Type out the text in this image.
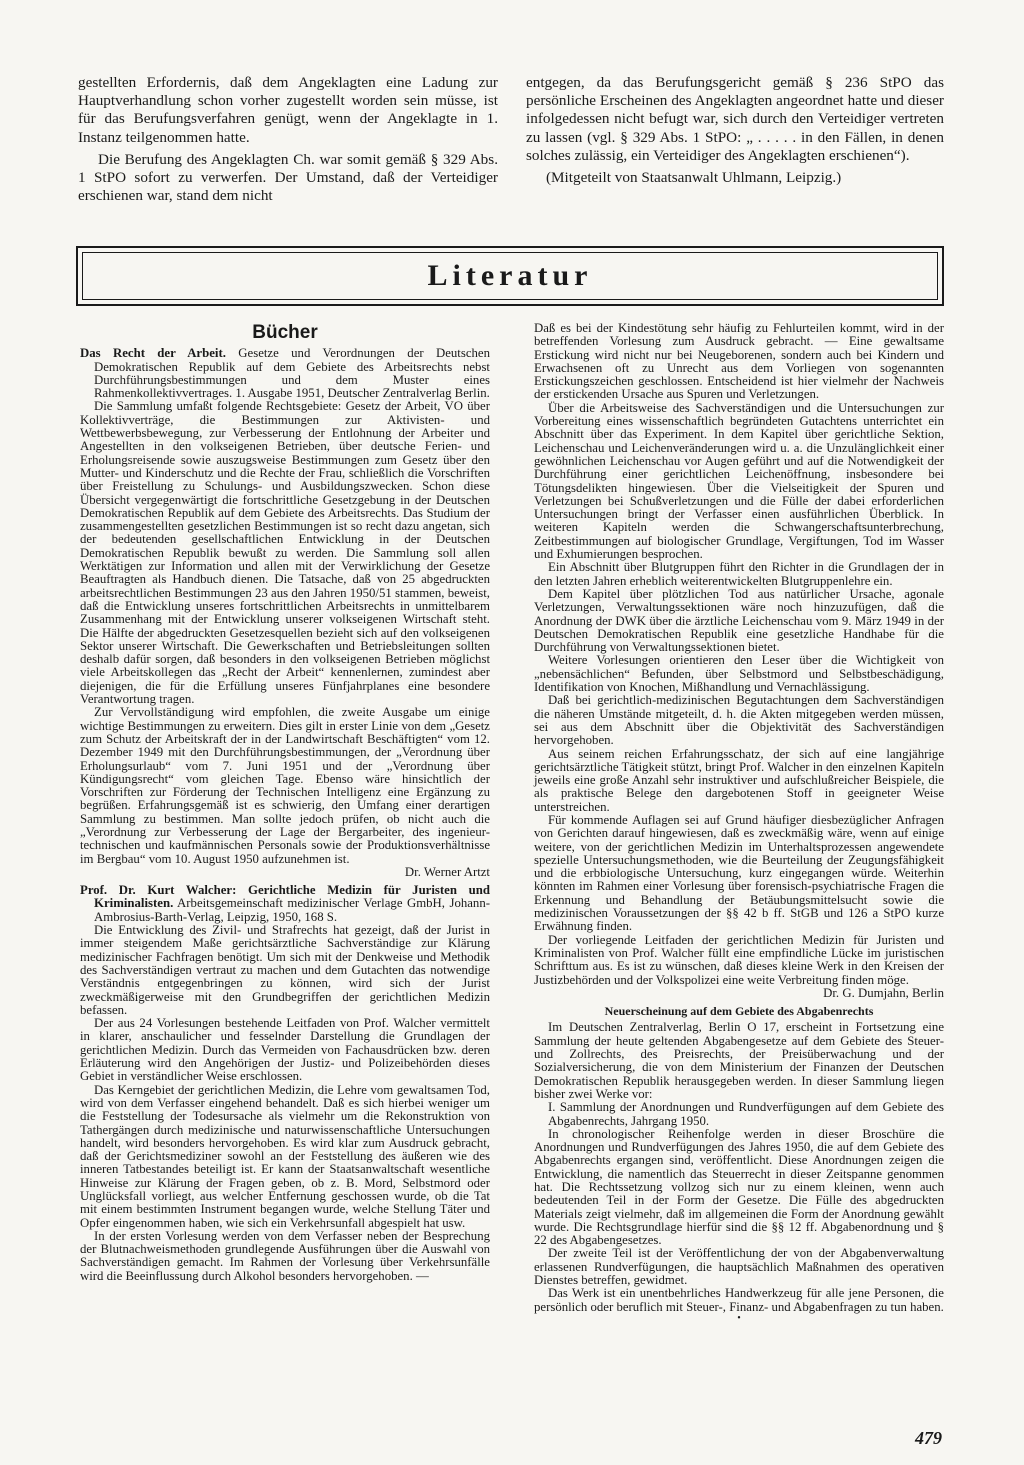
gestellten Erfordernis, daß dem Angeklagten eine Ladung zur Hauptverhandlung schon vorher zugestellt worden sein müsse, ist für das Berufungsverfahren genügt, wenn der Angeklagte in 1. Instanz teilgenommen hatte.

Die Berufung des Angeklagten Ch. war somit gemäß § 329 Abs. 1 StPO sofort zu verwerfen. Der Umstand, daß der Verteidiger erschienen war, stand dem nicht

entgegen, da das Berufungsgericht gemäß § 236 StPO das persönliche Erscheinen des Angeklagten angeordnet hatte und dieser infolgedessen nicht befugt war, sich durch den Verteidiger vertreten zu lassen (vgl. § 329 Abs. 1 StPO: „ . . . . . in den Fällen, in denen solches zulässig, ein Verteidiger des Angeklagten erschienen“).

(Mitgeteilt von Staatsanwalt Uhlmann, Leipzig.)

Literatur
Bücher

Das Recht der Arbeit. Gesetze und Verordnungen der Deutschen Demokratischen Republik auf dem Gebiete des Arbeitsrechts nebst Durchführungsbestimmungen und dem Muster eines Rahmenkollektivvertrages. 1. Ausgabe 1951, Deutscher Zentralverlag Berlin.

Die Sammlung umfaßt folgende Rechtsgebiete: Gesetz der Arbeit, VO über Kollektivverträge, die Bestimmungen zur Aktivisten- und Wettbewerbsbewegung, zur Verbesserung der Entlohnung der Arbeiter und Angestellten in den volkseigenen Betrieben, über deutsche Ferien- und Erholungsreisende sowie auszugsweise Bestimmungen zum Gesetz über den Mutter- und Kinderschutz und die Rechte der Frau, schließlich die Vorschriften über Freistellung zu Schulungs- und Ausbildungszwecken. Schon diese Übersicht vergegenwärtigt die fortschrittliche Gesetzgebung in der Deutschen Demokratischen Republik auf dem Gebiete des Arbeitsrechts. Das Studium der zusammengestellten gesetzlichen Bestimmungen ist so recht dazu angetan, sich der bedeutenden gesellschaftlichen Entwicklung in der Deutschen Demokratischen Republik bewußt zu werden. Die Sammlung soll allen Werktätigen zur Information und allen mit der Verwirklichung der Gesetze Beauftragten als Handbuch dienen. Die Tatsache, daß von 25 abgedruckten arbeitsrechtlichen Bestimmungen 23 aus den Jahren 1950/51 stammen, beweist, daß die Entwicklung unseres fortschrittlichen Arbeitsrechts in unmittelbarem Zusammenhang mit der Entwicklung unserer volkseigenen Wirtschaft steht. Die Hälfte der abgedruckten Gesetzesquellen bezieht sich auf den volkseigenen Sektor unserer Wirtschaft. Die Gewerkschaften und Betriebsleitungen sollten deshalb dafür sorgen, daß besonders in den volkseigenen Betrieben möglichst viele Arbeitskollegen das „Recht der Arbeit“ kennenlernen, zumindest aber diejenigen, die für die Erfüllung unseres Fünfjahrplanes eine besondere Verantwortung tragen.

Zur Vervollständigung wird empfohlen, die zweite Ausgabe um einige wichtige Bestimmungen zu erweitern. Dies gilt in erster Linie von dem „Gesetz zum Schutz der Arbeitskraft der in der Landwirtschaft Beschäftigten“ vom 12. Dezember 1949 mit den Durchführungsbestimmungen, der „Verordnung über Erholungsurlaub“ vom 7. Juni 1951 und der „Verordnung über Kündigungsrecht“ vom gleichen Tage. Ebenso wäre hinsichtlich der Vorschriften zur Förderung der Technischen Intelligenz eine Ergänzung zu begrüßen. Erfahrungsgemäß ist es schwierig, den Umfang einer derartigen Sammlung zu bestimmen. Man sollte jedoch prüfen, ob nicht auch die „Verordnung zur Verbesserung der Lage der Bergarbeiter, des ingenieur-technischen und kaufmännischen Personals sowie der Produktionsverhältnisse im Bergbau“ vom 10. August 1950 aufzunehmen ist.

Dr. Werner Artzt

Prof. Dr. Kurt Walcher: Gerichtliche Medizin für Juristen und Kriminalisten. Arbeitsgemeinschaft medizinischer Verlage GmbH, Johann-Ambrosius-Barth-Verlag, Leipzig, 1950, 168 S.

Die Entwicklung des Zivil- und Strafrechts hat gezeigt, daß der Jurist in immer steigendem Maße gerichtsärztliche Sachverständige zur Klärung medizinischer Fachfragen benötigt. Um sich mit der Denkweise und Methodik des Sachverständigen vertraut zu machen und dem Gutachten das notwendige Verständnis entgegenbringen zu können, wird sich der Jurist zweckmäßigerweise mit den Grundbegriffen der gerichtlichen Medizin befassen.

Der aus 24 Vorlesungen bestehende Leitfaden von Prof. Walcher vermittelt in klarer, anschaulicher und fesselnder Darstellung die Grundlagen der gerichtlichen Medizin. Durch das Vermeiden von Fachausdrücken bzw. deren Erläuterung wird den Angehörigen der Justiz- und Polizeibehörden dieses Gebiet in verständlicher Weise erschlossen.

Das Kerngebiet der gerichtlichen Medizin, die Lehre vom gewaltsamen Tod, wird von dem Verfasser eingehend behandelt. Daß es sich hierbei weniger um die Feststellung der Todesursache als vielmehr um die Rekonstruktion von Tathergängen durch medizinische und naturwissenschaftliche Untersuchungen handelt, wird besonders hervorgehoben. Es wird klar zum Ausdruck gebracht, daß der Gerichtsmediziner sowohl an der Feststellung des äußeren wie des inneren Tatbestandes beteiligt ist. Er kann der Staatsanwaltschaft wesentliche Hinweise zur Klärung der Fragen geben, ob z. B. Mord, Selbstmord oder Unglücksfall vorliegt, aus welcher Entfernung geschossen wurde, ob die Tat mit einem bestimmten Instrument begangen wurde, welche Stellung Täter und Opfer eingenommen haben, wie sich ein Verkehrsunfall abgespielt hat usw.

In der ersten Vorlesung werden von dem Verfasser neben der Besprechung der Blutnachweismethoden grundlegende Ausführungen über die Auswahl von Sachverständigen gemacht. Im Rahmen der Vorlesung über Verkehrsunfälle wird die Beeinflussung durch Alkohol besonders hervorgehoben. —

Daß es bei der Kindestötung sehr häufig zu Fehlurteilen kommt, wird in der betreffenden Vorlesung zum Ausdruck gebracht. — Eine gewaltsame Erstickung wird nicht nur bei Neugeborenen, sondern auch bei Kindern und Erwachsenen oft zu Unrecht aus dem Vorliegen von sogenannten Erstickungszeichen geschlossen. Entscheidend ist hier vielmehr der Nachweis der erstickenden Ursache aus Spuren und Verletzungen.

Über die Arbeitsweise des Sachverständigen und die Untersuchungen zur Vorbereitung eines wissenschaftlich begründeten Gutachtens unterrichtet ein Abschnitt über das Experiment. In dem Kapitel über gerichtliche Sektion, Leichenschau und Leichenveränderungen wird u. a. die Unzulänglichkeit einer gewöhnlichen Leichenschau vor Augen geführt und auf die Notwendigkeit der Durchführung einer gerichtlichen Leichenöffnung, insbesondere bei Tötungsdelikten hingewiesen. Über die Vielseitigkeit der Spuren und Verletzungen bei Schußverletzungen und die Fülle der dabei erforderlichen Untersuchungen bringt der Verfasser einen ausführlichen Überblick. In weiteren Kapiteln werden die Schwangerschaftsunterbrechung, Zeitbestimmungen auf biologischer Grundlage, Vergiftungen, Tod im Wasser und Exhumierungen besprochen.

Ein Abschnitt über Blutgruppen führt den Richter in die Grundlagen der in den letzten Jahren erheblich weiterentwickelten Blutgruppenlehre ein.

Dem Kapitel über plötzlichen Tod aus natürlicher Ursache, agonale Verletzungen, Verwaltungssektionen wäre noch hinzuzufügen, daß die Anordnung der DWK über die ärztliche Leichenschau vom 9. März 1949 in der Deutschen Demokratischen Republik eine gesetzliche Handhabe für die Durchführung von Verwaltungssektionen bietet.

Weitere Vorlesungen orientieren den Leser über die Wichtigkeit von „nebensächlichen“ Befunden, über Selbstmord und Selbstbeschädigung, Identifikation von Knochen, Mißhandlung und Vernachlässigung.

Daß bei gerichtlich-medizinischen Begutachtungen dem Sachverständigen die näheren Umstände mitgeteilt, d. h. die Akten mitgegeben werden müssen, sei aus dem Abschnitt über die Objektivität des Sachverständigen hervorgehoben.

Aus seinem reichen Erfahrungsschatz, der sich auf eine langjährige gerichtsärztliche Tätigkeit stützt, bringt Prof. Walcher in den einzelnen Kapiteln jeweils eine große Anzahl sehr instruktiver und aufschlußreicher Beispiele, die als praktische Belege den dargebotenen Stoff in geeigneter Weise unterstreichen.

Für kommende Auflagen sei auf Grund häufiger diesbezüglicher Anfragen von Gerichten darauf hingewiesen, daß es zweckmäßig wäre, wenn auf einige weitere, von der gerichtlichen Medizin im Unterhaltsprozessen angewendete spezielle Untersuchungsmethoden, wie die Beurteilung der Zeugungsfähigkeit und die erbbiologische Untersuchung, kurz eingegangen würde. Weiterhin könnten im Rahmen einer Vorlesung über forensisch-psychiatrische Fragen die Erkennung und Behandlung der Betäubungsmittelsucht sowie die medizinischen Voraussetzungen der §§ 42 b ff. StGB und 126 a StPO kurze Erwähnung finden.

Der vorliegende Leitfaden der gerichtlichen Medizin für Juristen und Kriminalisten von Prof. Walcher füllt eine empfindliche Lücke im juristischen Schrifttum aus. Es ist zu wünschen, daß dieses kleine Werk in den Kreisen der Justizbehörden und der Volkspolizei eine weite Verbreitung finden möge.

Dr. G. Dumjahn, Berlin

Neuerscheinung auf dem Gebiete des Abgabenrechts

Im Deutschen Zentralverlag, Berlin O 17, erscheint in Fortsetzung eine Sammlung der heute geltenden Abgabengesetze auf dem Gebiete des Steuer- und Zollrechts, des Preisrechts, der Preisüberwachung und der Sozialversicherung, die von dem Ministerium der Finanzen der Deutschen Demokratischen Republik herausgegeben werden. In dieser Sammlung liegen bisher zwei Werke vor:

I. Sammlung der Anordnungen und Rundverfügungen auf dem Gebiete des Abgabenrechts, Jahrgang 1950.

In chronologischer Reihenfolge werden in dieser Broschüre die Anordnungen und Rundverfügungen des Jahres 1950, die auf dem Gebiete des Abgabenrechts ergangen sind, veröffentlicht. Diese Anordnungen zeigen die Entwicklung, die namentlich das Steuerrecht in dieser Zeitspanne genommen hat. Die Rechtssetzung vollzog sich nur zu einem kleinen, wenn auch bedeutenden Teil in der Form der Gesetze. Die Fülle des abgedruckten Materials zeigt vielmehr, daß im allgemeinen die Form der Anordnung gewählt wurde. Die Rechtsgrundlage hierfür sind die §§ 12 ff. Abgabenordnung und § 22 des Abgabengesetzes.

Der zweite Teil ist der Veröffentlichung der von der Abgabenverwaltung erlassenen Rundverfügungen, die hauptsächlich Maßnahmen des operativen Dienstes betreffen, gewidmet.

Das Werk ist ein unentbehrliches Handwerkzeug für alle jene Personen, die persönlich oder beruflich mit Steuer-, Finanz- und Abgabenfragen zu tun haben.

•

479
